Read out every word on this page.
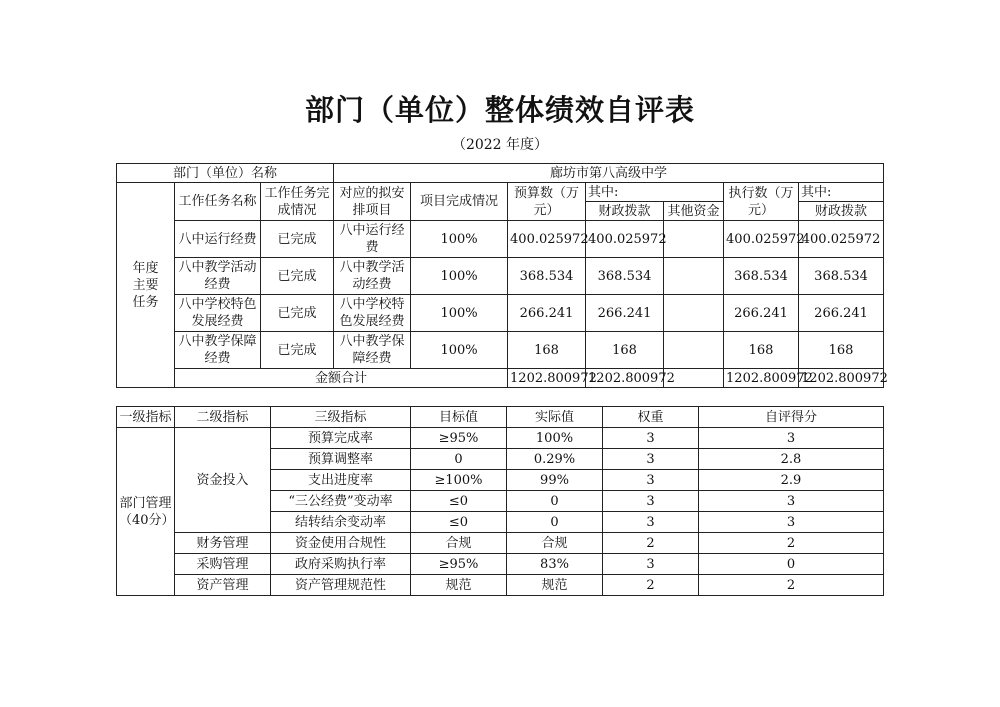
部门（单位）整体绩效自评表
（2022 年度）
部门（单位）名称			廊坊市第八高级中学						
年度主要任务	工作任务名称	工作任务完成情况	对应的拟安排项目	项目完成情况	预算数（万元）	其中:		执行数（万元）	其中:
						财政拨款	其他资金		财政拨款
	八中运行经费	已完成	八中运行经费	100%	400.025972	400.025972		400.025972	400.025972
	八中教学活动经费	已完成	八中教学活动经费	100%	368.534	368.534		368.534	368.534
	八中学校特色发展经费	已完成	八中学校特色发展经费	100%	266.241	266.241		266.241	266.241
	八中教学保障经费	已完成	八中教学保障经费	100%	168	168		168	168
	金额合计				1202.800972	1202.800972		1202.800972	1202.800972
一级指标	二级指标	三级指标	目标值	实际值	权重	自评得分
部门管理（40分）	资金投入	预算完成率	≥95%	100%	3	3
		预算调整率	0	0.29%	3	2.8
		支出进度率	≥100%	99%	3	2.9
		“三公经费”变动率	≤0	0	3	3
		结转结余变动率	≤0	0	3	3
	财务管理	资金使用合规性	合规	合规	2	2
	采购管理	政府采购执行率	≥95%	83%	3	0
	资产管理	资产管理规范性	规范	规范	2	2
